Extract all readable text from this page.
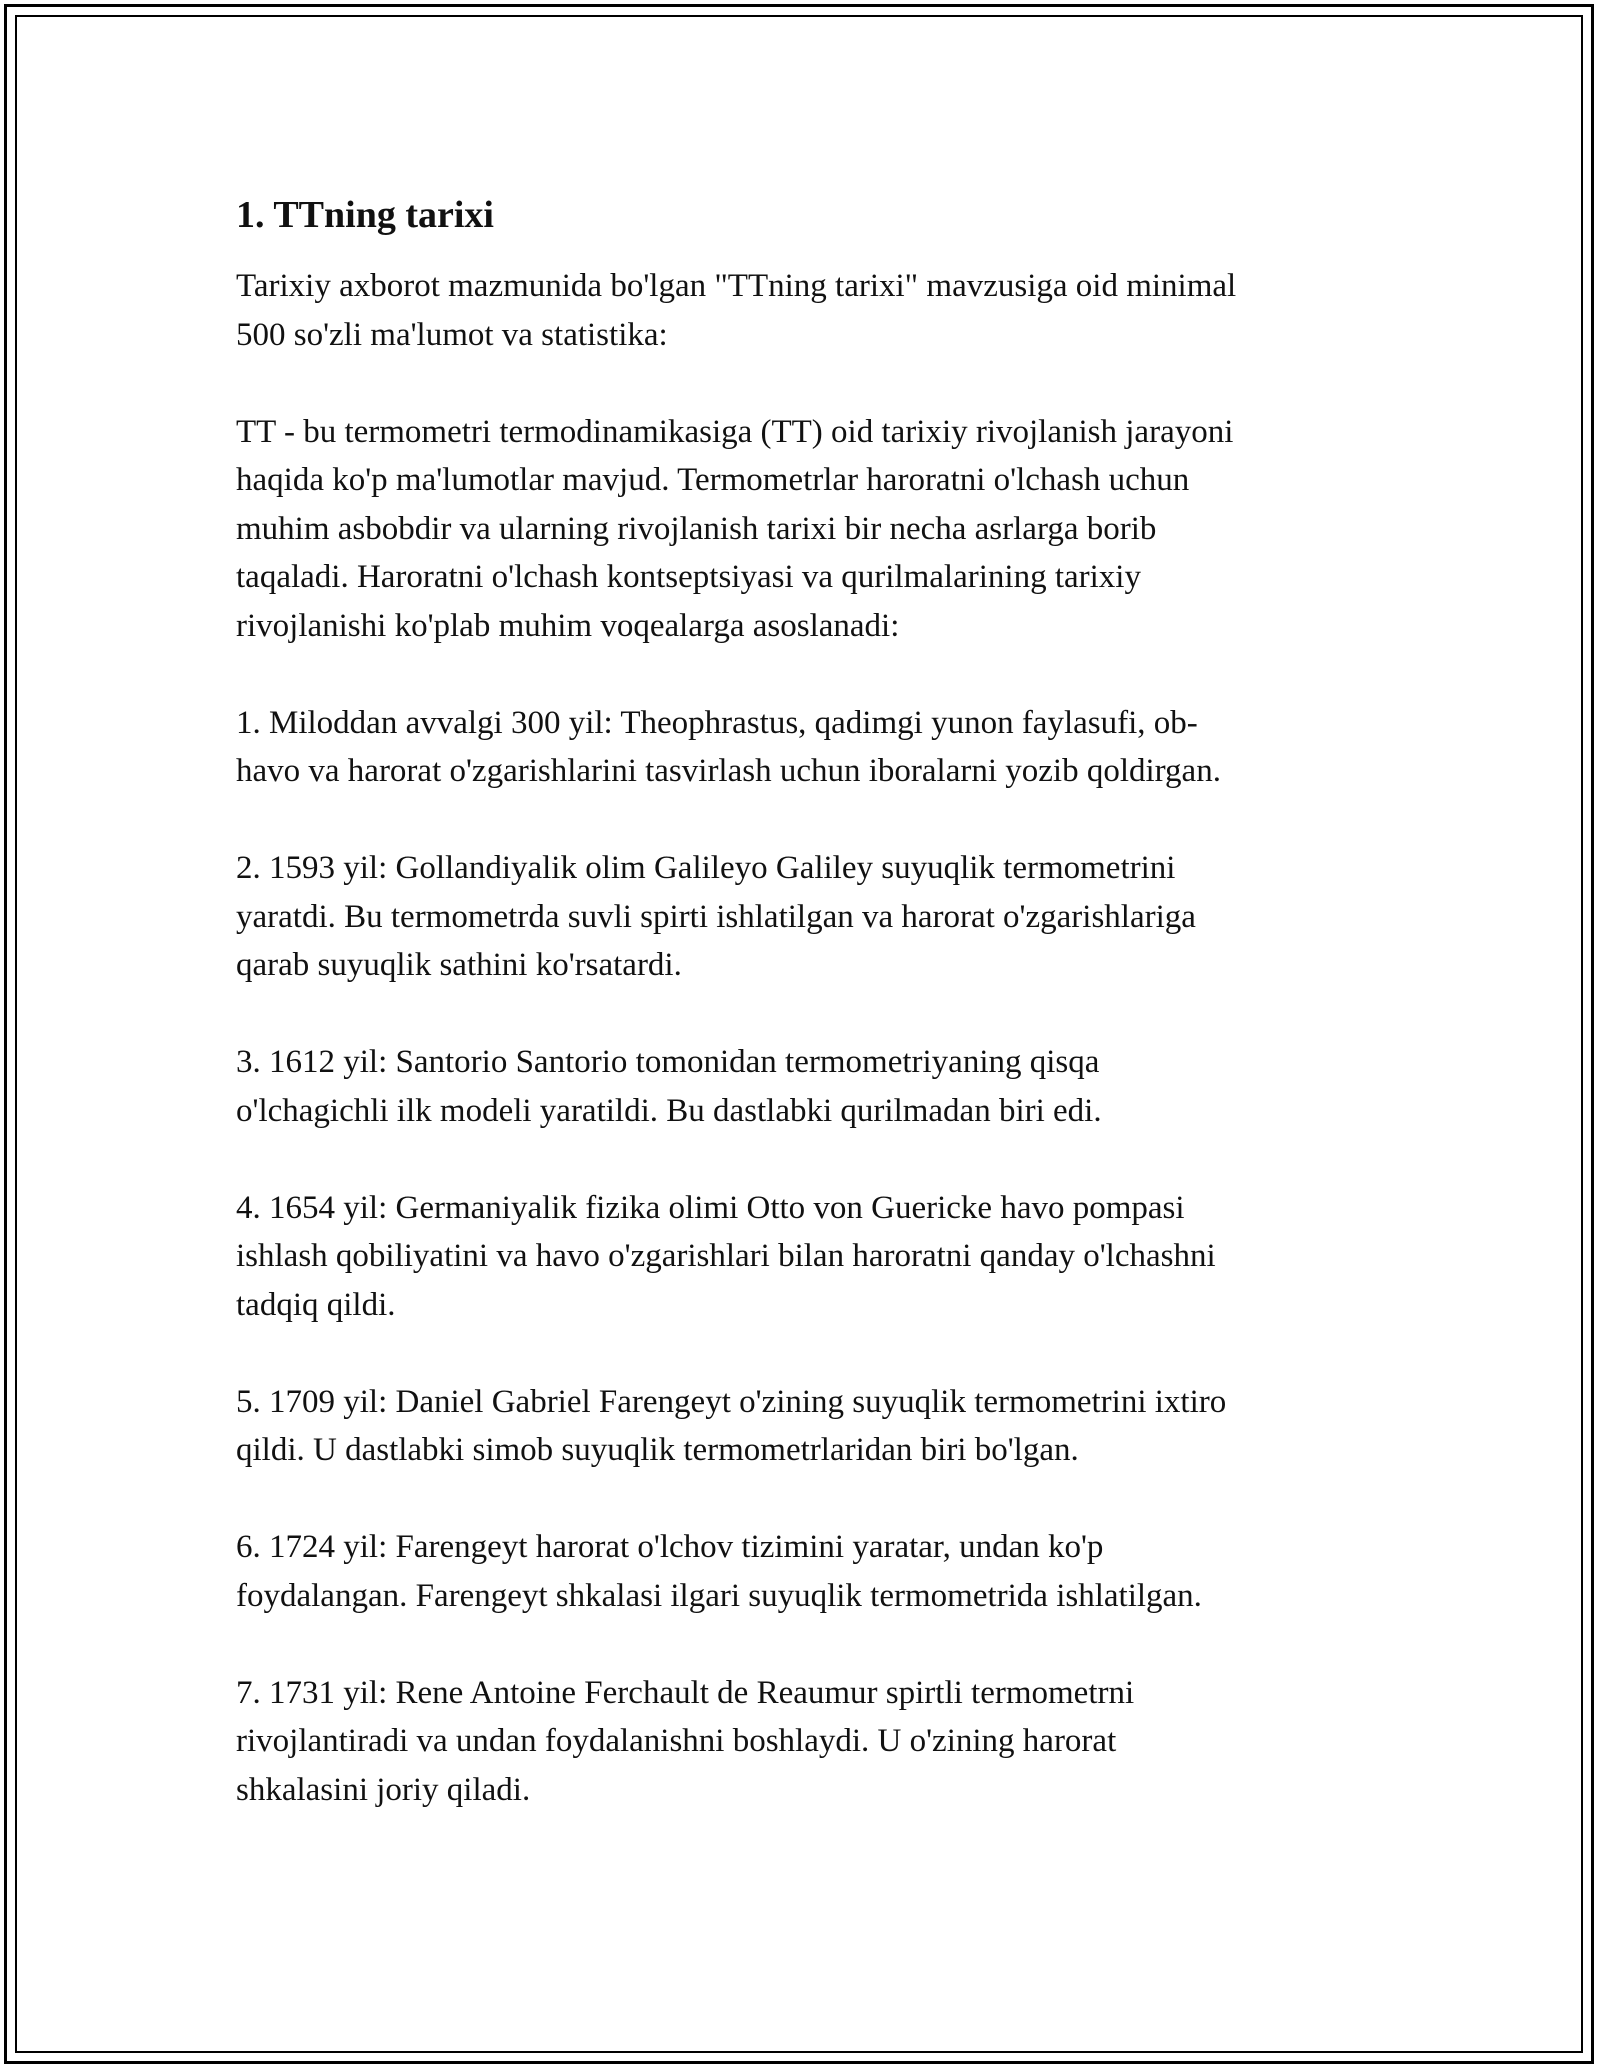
1. TTning tarixi

Tarixiy axborot mazmunida bo'lgan "TTning tarixi" mavzusiga oid minimal
500 so'zli ma'lumot va statistika:

TT - bu termometri termodinamikasiga (TT) oid tarixiy rivojlanish jarayoni
haqida ko'p ma'lumotlar mavjud. Termometrlar haroratni o'lchash uchun
muhim asbobdir va ularning rivojlanish tarixi bir necha asrlarga borib
taqaladi. Haroratni o'lchash kontseptsiyasi va qurilmalarining tarixiy
rivojlanishi ko'plab muhim voqealarga asoslanadi:

1. Miloddan avvalgi 300 yil: Theophrastus, qadimgi yunon faylasufi, ob-
havo va harorat o'zgarishlarini tasvirlash uchun iboralarni yozib qoldirgan.

2. 1593 yil: Gollandiyalik olim Galileyo Galiley suyuqlik termometrini
yaratdi. Bu termometrda suvli spirti ishlatilgan va harorat o'zgarishlariga
qarab suyuqlik sathini ko'rsatardi.

3. 1612 yil: Santorio Santorio tomonidan termometriyaning qisqa
o'lchagichli ilk modeli yaratildi. Bu dastlabki qurilmadan biri edi.

4. 1654 yil: Germaniyalik fizika olimi Otto von Guericke havo pompasi
ishlash qobiliyatini va havo o'zgarishlari bilan haroratni qanday o'lchashni
tadqiq qildi.

5. 1709 yil: Daniel Gabriel Farengeyt o'zining suyuqlik termometrini ixtiro
qildi. U dastlabki simob suyuqlik termometrlaridan biri bo'lgan.

6. 1724 yil: Farengeyt harorat o'lchov tizimini yaratar, undan ko'p
foydalangan. Farengeyt shkalasi ilgari suyuqlik termometrida ishlatilgan.

7. 1731 yil: Rene Antoine Ferchault de Reaumur spirtli termometrni
rivojlantiradi va undan foydalanishni boshlaydi. U o'zining harorat
shkalasini joriy qiladi.
